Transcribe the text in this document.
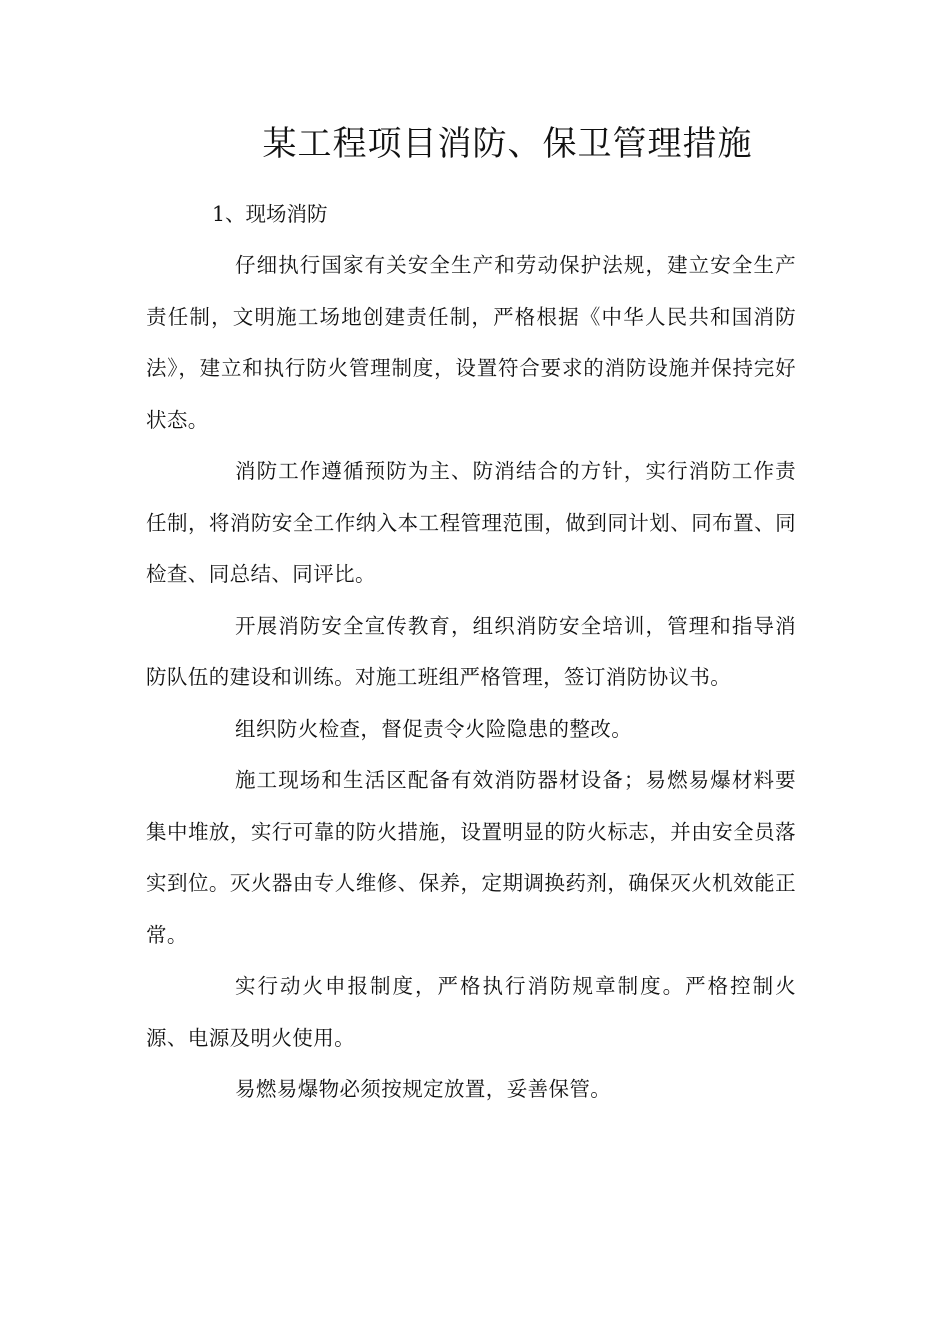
某工程项目消防、保卫管理措施

1、现场消防

仔细执行国家有关安全生产和劳动保护法规，建立安全生产责任制，文明施工场地创建责任制，严格根据《中华人民共和国消防法》，建立和执行防火管理制度，设置符合要求的消防设施并保持完好状态。

消防工作遵循预防为主、防消结合的方针，实行消防工作责任制，将消防安全工作纳入本工程管理范围，做到同计划、同布置、同检查、同总结、同评比。

开展消防安全宣传教育，组织消防安全培训，管理和指导消防队伍的建设和训练。对施工班组严格管理，签订消防协议书。

组织防火检查，督促责令火险隐患的整改。

施工现场和生活区配备有效消防器材设备；易燃易爆材料要集中堆放，实行可靠的防火措施，设置明显的防火标志，并由安全员落实到位。灭火器由专人维修、保养，定期调换药剂，确保灭火机效能正常。

实行动火申报制度，严格执行消防规章制度。严格控制火源、电源及明火使用。

易燃易爆物必须按规定放置，妥善保管。
